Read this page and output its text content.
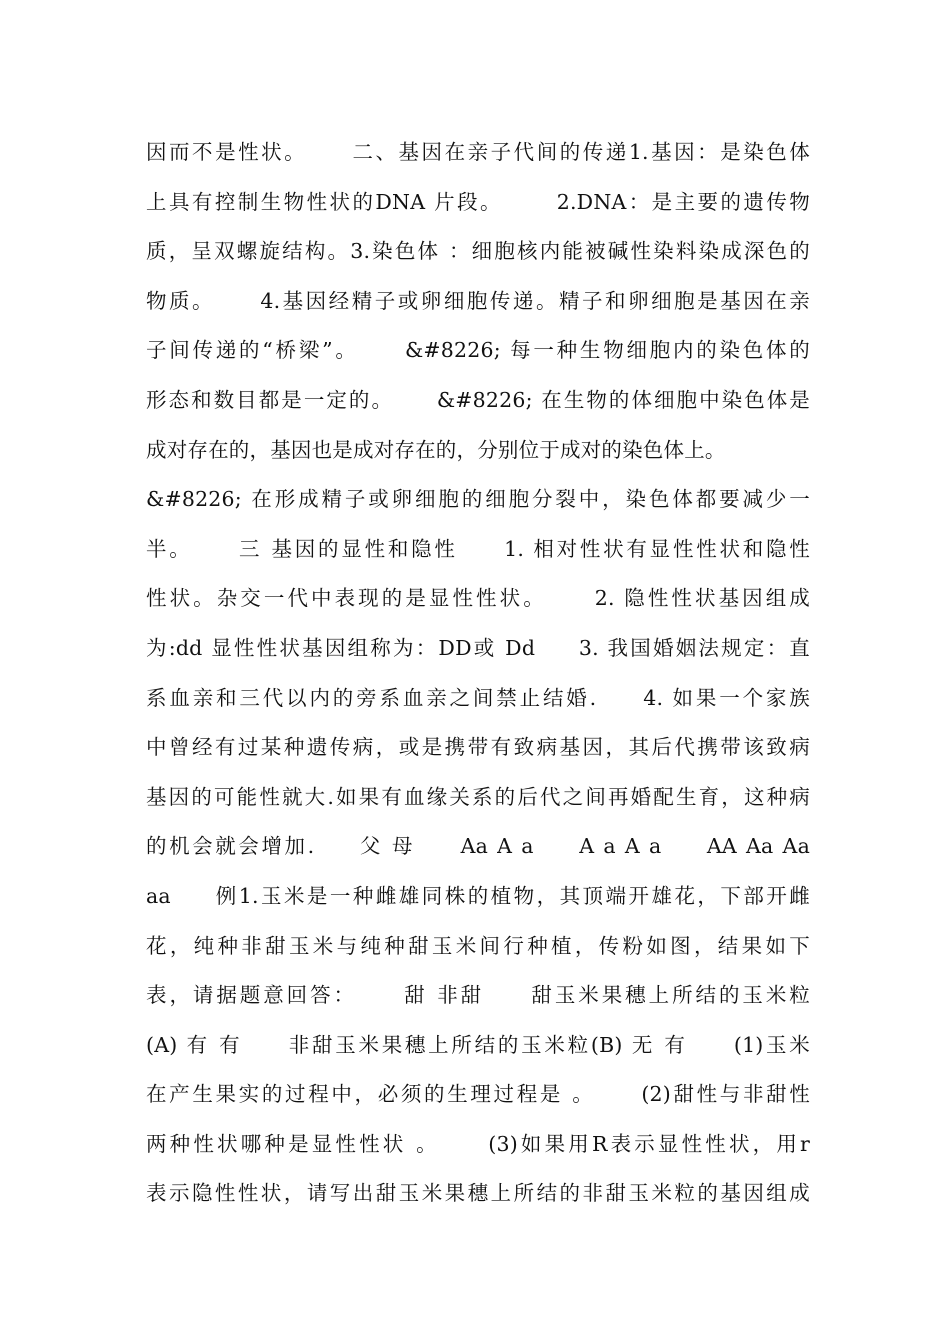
因而不是性状。     二、基因在亲子代间的传递1.基因：是染色体
上具有控制生物性状的DNA 片段。      2.DNA：是主要的遗传物
质，呈双螺旋结构。3.染色体 ：细胞核内能被碱性染料染成深色的
物质。     4.基因经精子或卵细胞传递。精子和卵细胞是基因在亲
子间传递的“桥梁”。     &#8226; 每一种生物细胞内的染色体的
形态和数目都是一定的。     &#8226; 在生物的体细胞中染色体是
成对存在的，基因也是成对存在的，分别位于成对的染色体上。
&#8226; 在形成精子或卵细胞的细胞分裂中，染色体都要减少一
半。     三 基因的显性和隐性     1. 相对性状有显性性状和隐性
性状。杂交一代中表现的是显性性状。     2. 隐性性状基因组成
为:dd 显性性状基因组称为：DD或 Dd     3. 我国婚姻法规定：直
系血亲和三代以内的旁系血亲之间禁止结婚.     4. 如果一个家族
中曾经有过某种遗传病，或是携带有致病基因，其后代携带该致病
基因的可能性就大.如果有血缘关系的后代之间再婚配生育，这种病
的机会就会增加.     父 母     Aa A a     A a A a     AA Aa Aa
aa     例1.玉米是一种雌雄同株的植物，其顶端开雄花，下部开雌
花，纯种非甜玉米与纯种甜玉米间行种植，传粉如图，结果如下
表，请据题意回答：     甜 非甜     甜玉米果穗上所结的玉米粒
(A) 有 有     非甜玉米果穗上所结的玉米粒(B) 无 有     (1)玉米
在产生果实的过程中，必须的生理过程是 。     (2)甜性与非甜性
两种性状哪种是显性性状 。     (3)如果用R表示显性性状，用r
表示隐性性状，请写出甜玉米果穗上所结的非甜玉米粒的基因组成
